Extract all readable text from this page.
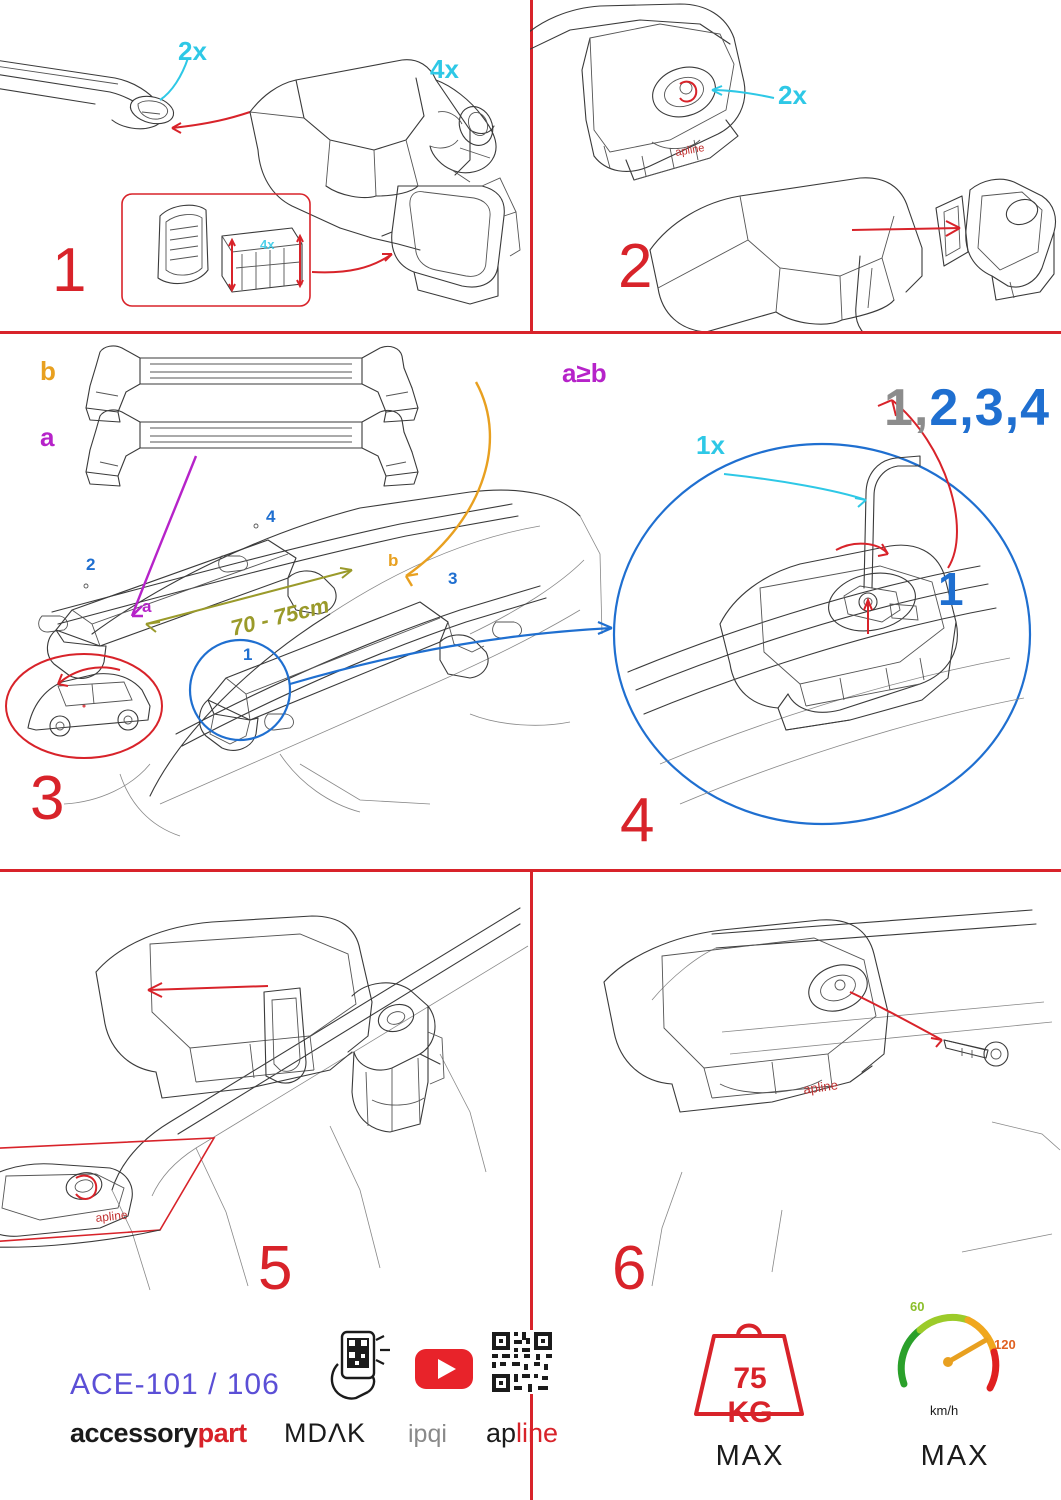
2x
4x
4x
1
apline
2x
2
b
a
a≥b
70 - 75cm
1
2
3
4
a
b
3
1x
1,2,3,4
1
4
apline
5
apline
6
ACE-101 / 106
accessorypart MDΛK ipqi apline
75 KG
MAX
60
120
km/h
MAX
